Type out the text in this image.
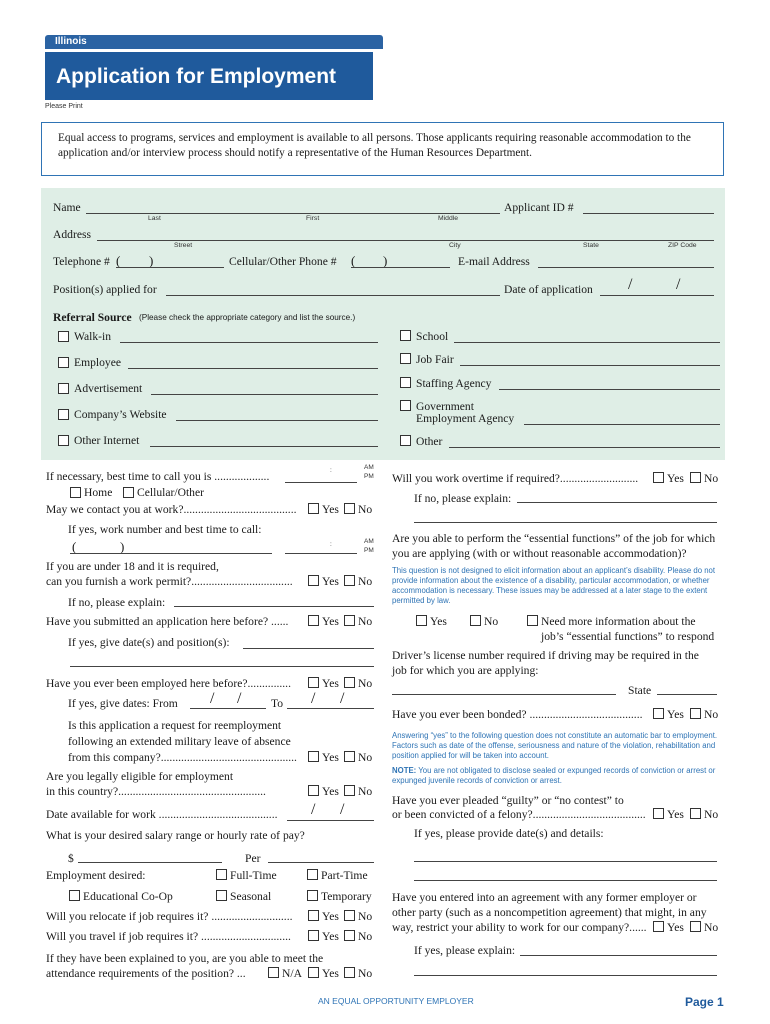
Illinois
Application for Employment
Please Print
Equal access to programs, services and employment is available to all persons. Those applicants requiring reasonable accommodation to the application and/or interview process should notify a representative of the Human Resources Department.
Name
Last	First	Middle
Applicant ID #
Address
Street	City	State	ZIP Code
Telephone # ( )	Cellular/Other Phone # ( )	E-mail Address
Position(s) applied for	Date of application /	/
Referral Source (Please check the appropriate category and list the source.)
Walk-in
Employee
Advertisement
Company’s Website
Other Internet
School
Job Fair
Staffing Agency
Government
Employment Agency
Other
If necessary, best time to call you is ...................	:	AM
PM
Home Cellular/Other
May we contact you at work?....................................... Yes No
If yes, work number and best time to call:
(	)	:	AM
PM
If you are under 18 and it is required,
can you furnish a work permit?...................................	Yes No
If no, please explain:
Have you submitted an application here before? ......	Yes No
If yes, give date(s) and position(s):
Have you ever been employed here before?...............	Yes No
If yes, give dates: From / /	To / /
Is this application a request for reemployment
following an extended military leave of absence
from this company?............................................... Yes No
Are you legally eligible for employment
in this country?...................................................	Yes No
Date available for work ......................................... / /
What is your desired salary range or hourly rate of pay?
$	Per
Employment desired:	Full-Time	Part-Time
Educational Co-Op	Seasonal	Temporary
Will you relocate if job requires it? ............................	Yes No
Will you travel if job requires it? ...............................	Yes No
If they have been explained to you, are you able to meet the
attendance requirements of the position? ...	N/A Yes No
Will you work overtime if required?........................... Yes No
If no, please explain:
Are you able to perform the “essential functions” of the job for which
you are applying (with or without reasonable accommodation)?
This question is not designed to elicit information about an applicant’s disability. Please do not provide information about the existence of a disability, particular accommodation, or whether accommodation is necessary. These issues may be addressed at a later stage to the extent permitted by law.
Yes	No	Need more information about the
job’s “essential functions” to respond
Driver’s license number required if driving may be required in the
job for which you are applying:
State
Have you ever been bonded? ....................................... Yes No
Answering “yes” to the following question does not constitute an automatic bar to employment. Factors such as date of the offense, seriousness and nature of the violation, rehabilitation and position applied for will be taken into account.
NOTE: You are not obligated to disclose sealed or expunged records of conviction or arrest or expunged juvenile records of conviction or arrest.
Have you ever pleaded “guilty” or “no contest” to
or been convicted of a felony?....................................... Yes No
If yes, please provide date(s) and details:
Have you entered into an agreement with any former employer or
other party (such as a noncompetition agreement) that might, in any
way, restrict your ability to work for our company?...... Yes No
If yes, please explain:
AN EQUAL OPPORTUNITY EMPLOYER	Page 1
